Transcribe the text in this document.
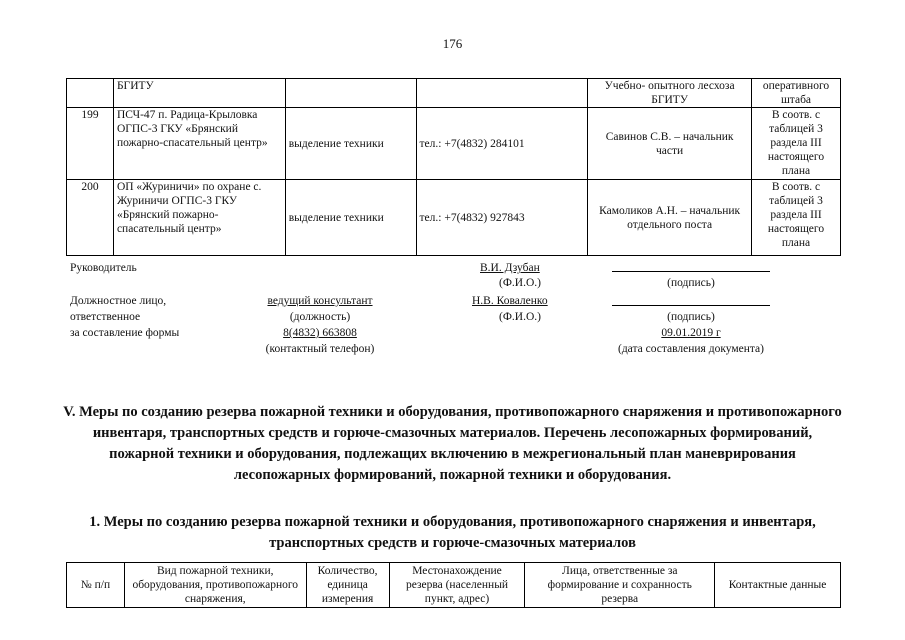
176
	БГИТУ			Учебно- опытного лесхоза БГИТУ	оперативного штаба
199	ПСЧ-47 п. Радица-Крыловка ОГПС-3 ГКУ «Брянский пожарно-спасательный центр»	выделение техники	тел.: +7(4832) 284101	Савинов С.В. – начальник части	В соотв. с таблицей 3 раздела III настоящего плана
200	ОП «Журиничи» по охране с. Журиничи ОГПС-3 ГКУ «Брянский пожарно-спасательный центр»	выделение техники	тел.: +7(4832) 927843	Камоликов А.Н. – начальник отдельного поста	В соотв. с таблицей 3 раздела III настоящего плана
Руководитель	В.И. Дзубан
(Ф.И.О.)	(подпись)
Должностное лицо,
ответственное
за составление формы
ведущий консультант
(должность)
Н.В. Коваленко
(Ф.И.О.)	(подпись)
8(4832) 663808
(контактный телефон)
09.01.2019 г
(дата составления документа)
V. Меры по созданию резерва пожарной техники и оборудования, противопожарного снаряжения и противопожарного инвентаря, транспортных средств и горюче-смазочных материалов. Перечень лесопожарных формирований, пожарной техники и оборудования, подлежащих включению в межрегиональный план маневрирования лесопожарных формирований, пожарной техники и оборудования.
1. Меры по созданию резерва пожарной техники и оборудования, противопожарного снаряжения и инвентаря, транспортных средств и горюче-смазочных материалов
№ п/п	Вид пожарной техники, оборудования, противопожарного снаряжения,	Количество, единица измерения	Местонахождение резерва (населенный пункт, адрес)	Лица, ответственные за формирование и сохранность резерва	Контактные данные
